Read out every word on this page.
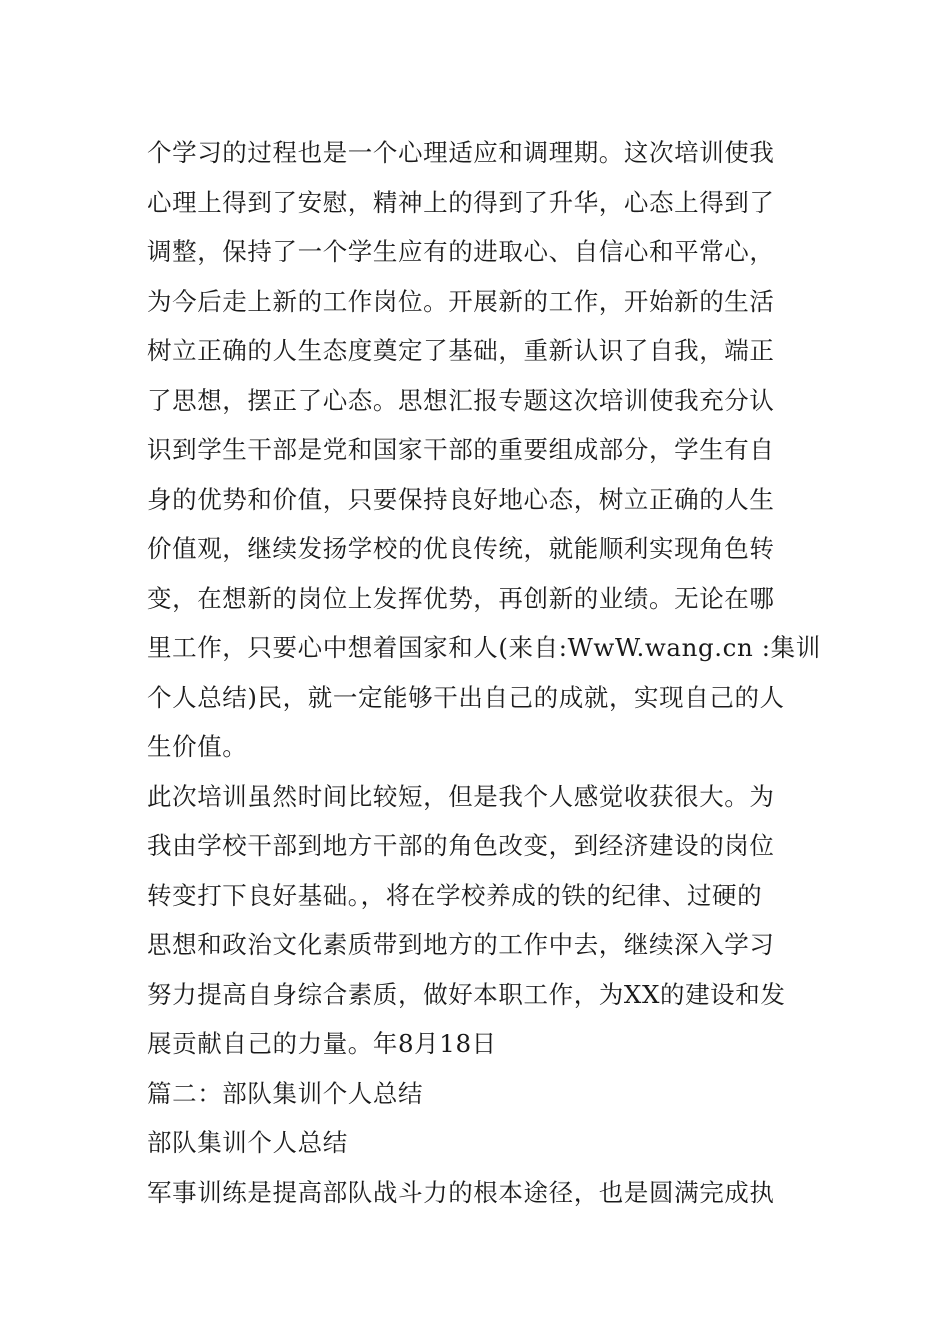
个学习的过程也是一个心理适应和调理期。这次培训使我
心理上得到了安慰，精神上的得到了升华，心态上得到了
调整，保持了一个学生应有的进取心、自信心和平常心，
为今后走上新的工作岗位。开展新的工作，开始新的生活
树立正确的人生态度奠定了基础，重新认识了自我，端正
了思想，摆正了心态。思想汇报专题这次培训使我充分认
识到学生干部是党和国家干部的重要组成部分，学生有自
身的优势和价值，只要保持良好地心态，树立正确的人生
价值观，继续发扬学校的优良传统，就能顺利实现角色转
变，在想新的岗位上发挥优势，再创新的业绩。无论在哪
里工作，只要心中想着国家和人(来自:WwW.wang.cn :集训
个人总结)民，就一定能够干出自己的成就，实现自己的人
生价值。
此次培训虽然时间比较短，但是我个人感觉收获很大。为
我由学校干部到地方干部的角色改变，到经济建设的岗位
转变打下良好基础。，将在学校养成的铁的纪律、过硬的
思想和政治文化素质带到地方的工作中去，继续深入学习
努力提高自身综合素质，做好本职工作，为XX的建设和发
展贡献自己的力量。年8月18日
篇二：部队集训个人总结
部队集训个人总结
军事训练是提高部队战斗力的根本途径，也是圆满完成执
